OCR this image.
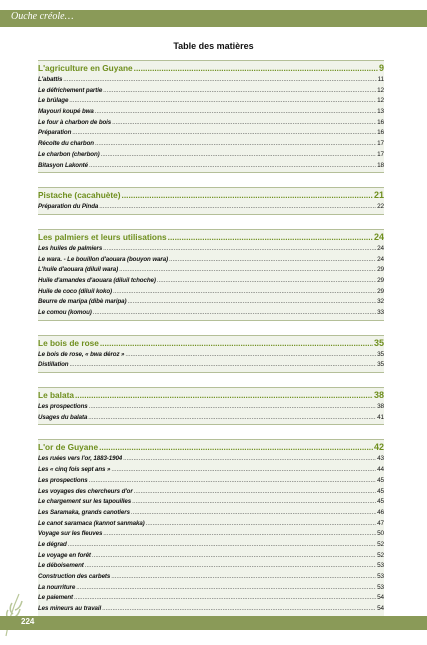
Ouche créole…
Table des matières
L'agriculture en Guyane .....	9
L'abattis .....	11
Le défrichement partie .....	12
Le brûlage .....	12
Mayouri koupé bwa .....	13
Le four à charbon de bois .....	16
Préparation .....	16
Récolte du charbon .....	17
Le charbon (cherbon) .....	17
Bitasyon Lakonté .....	18
Pistache (cacahuète) .....	21
Préparation du Pinda .....	22
Les palmiers et leurs utilisations .....	24
Les huiles de palmiers .....	24
Le wara. - Le bouillon d'aouara (bouyon wara) .....	24
L'huile d'aouara (diluil wara) .....	29
Huile d'amandes d'aouara (diluil tchoche) .....	29
Huile de coco (diluil koko) .....	29
Beurre de maripa (dibè maripa) .....	32
Le comou (komou) .....	33
Le bois de rose .....	35
Le bois de rose, « bwa déroz » .....	35
Distillation .....	35
Le balata .....	38
Les prospections .....	38
Usages du balata .....	41
L'or de Guyane .....	42
Les ruées vers l'or, 1883-1904 .....	43
Les « cinq fois sept ans » .....	44
Les prospections .....	45
Les voyages des chercheurs d'or .....	45
Le chargement sur les tapouilles .....	45
Les Saramaka, grands canotiers .....	46
Le canot saramaca (kannot sanmaka) .....	47
Voyage sur les fleuves .....	50
Le dégrad .....	52
Le voyage en forêt .....	52
Le déboisement .....	53
Construction des carbets .....	53
La nourriture .....	53
Le paiement .....	54
Les mineurs au travail .....	54
224
